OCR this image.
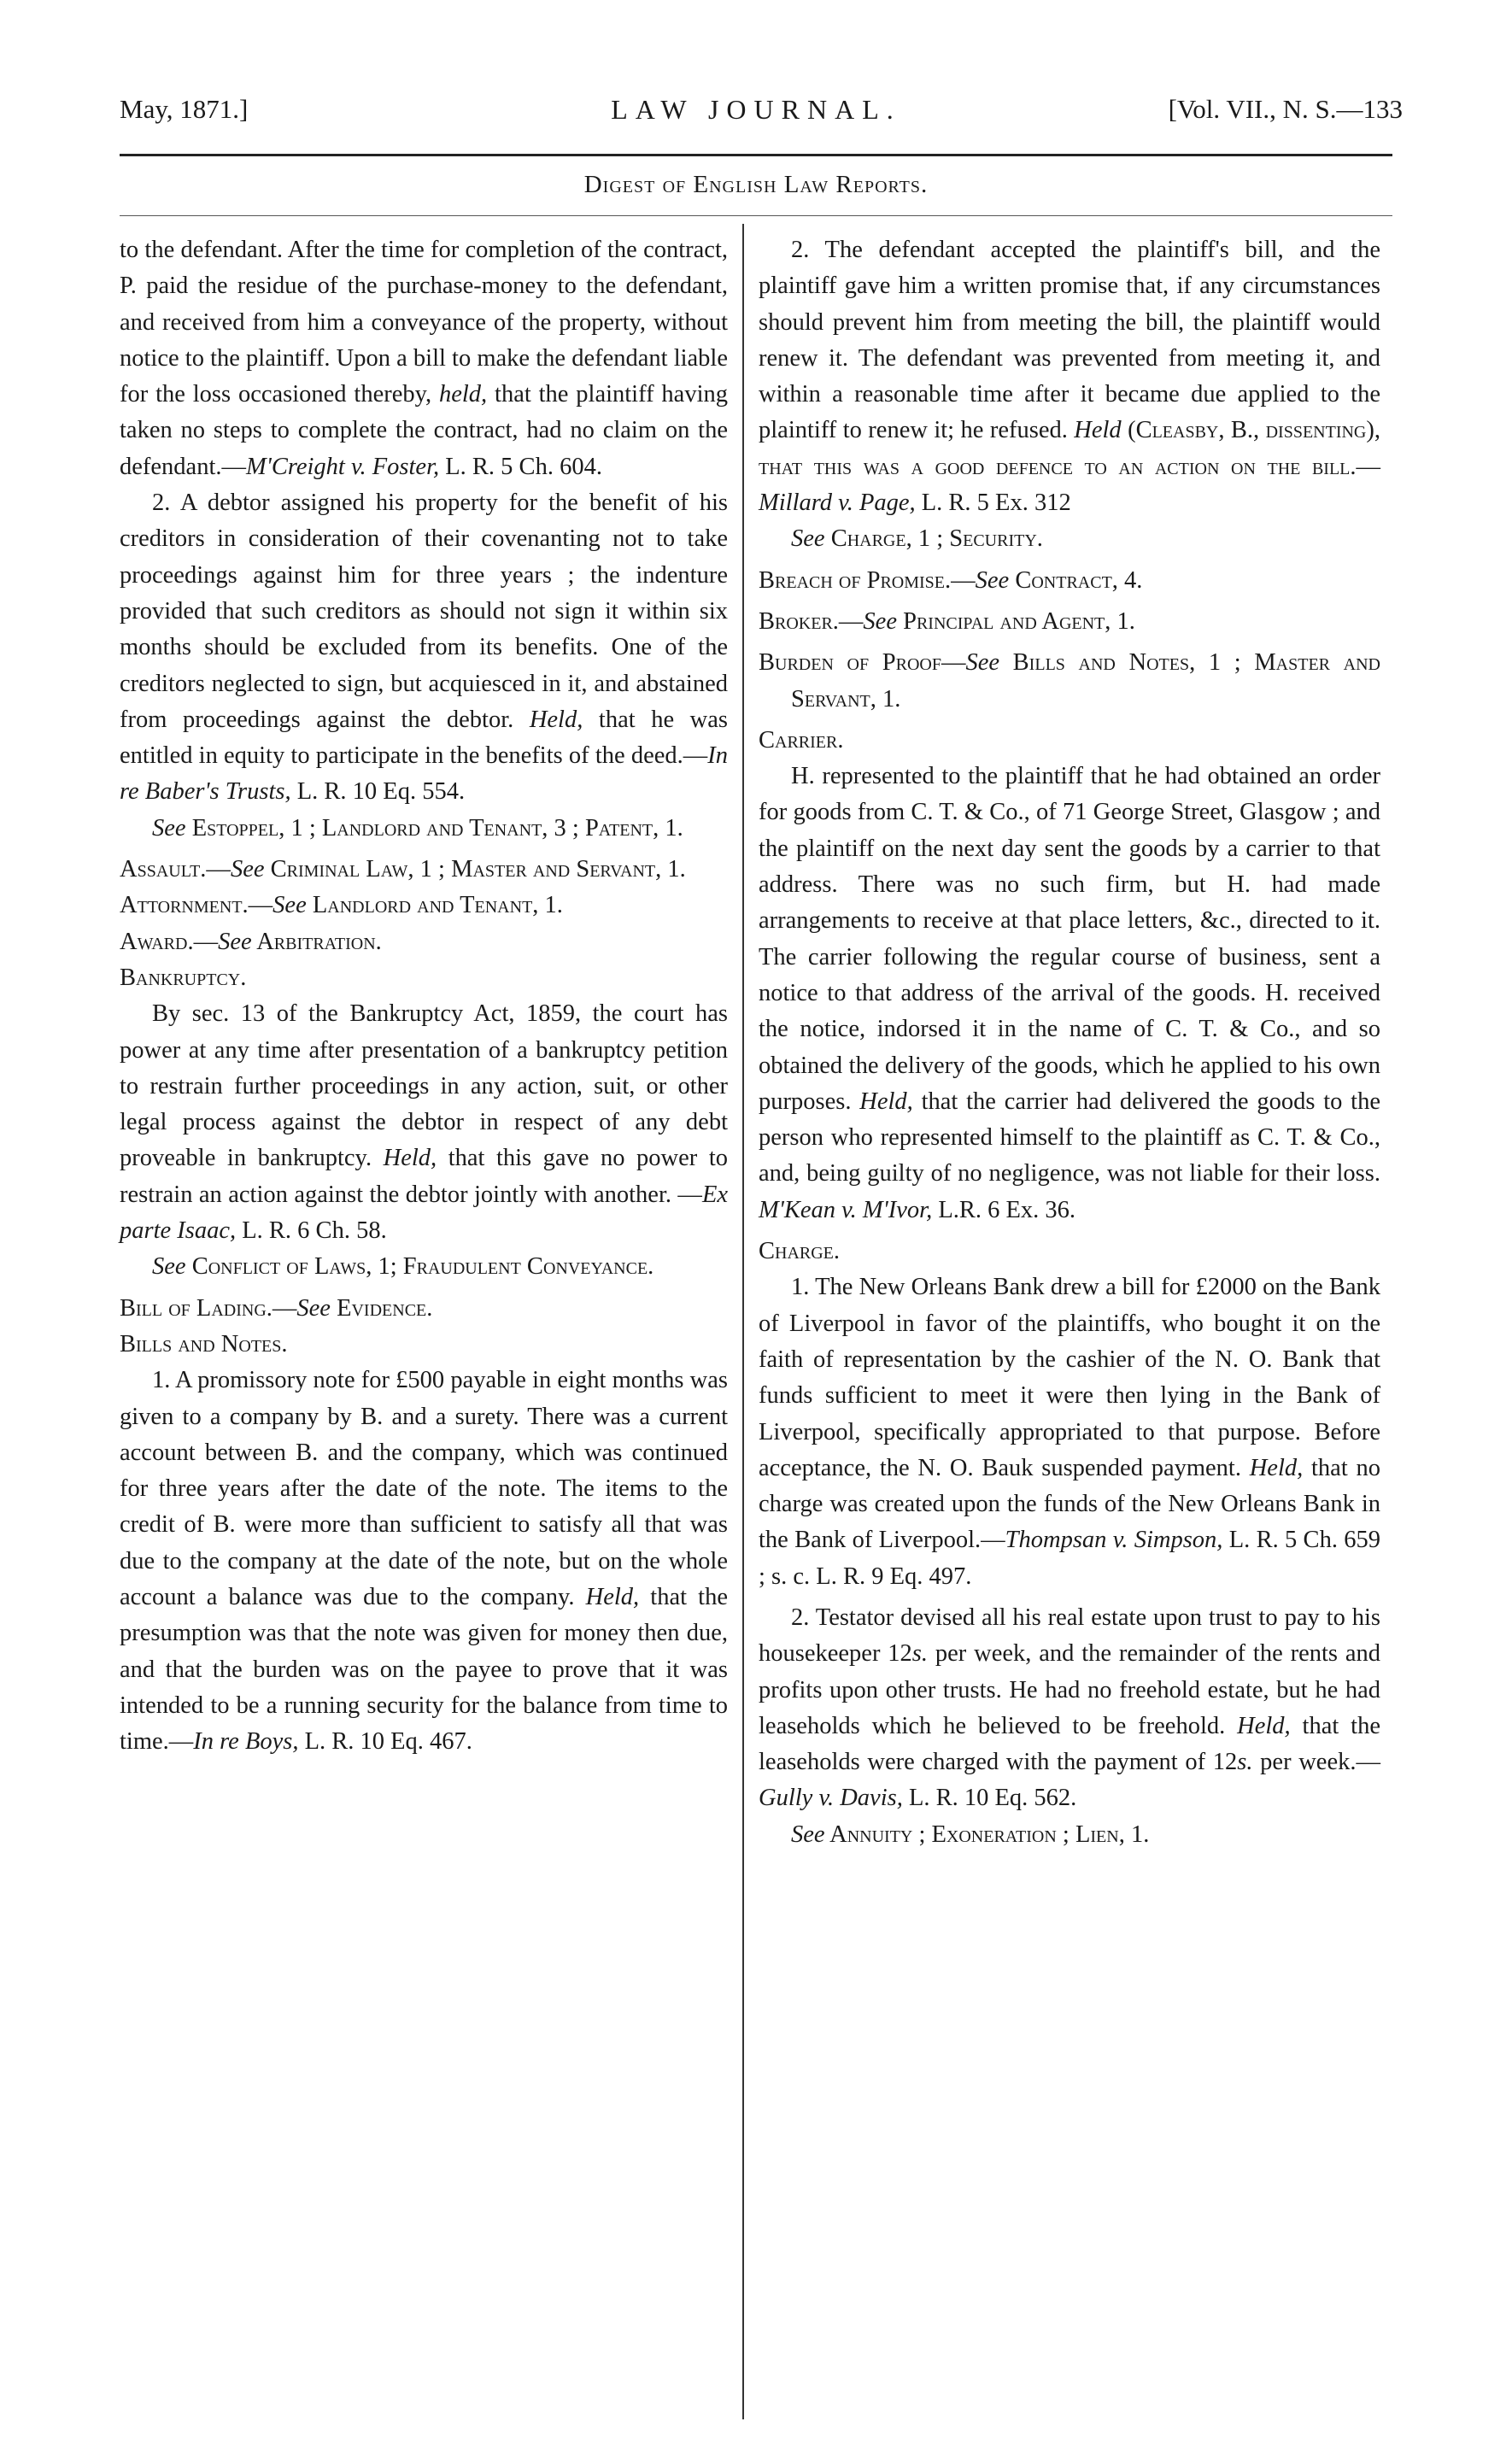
May, 1871.]	LAW JOURNAL.	[Vol. VII., N. S.—133
Digest of English Law Reports.

to the defendant. After the time for completion of the contract, P. paid the residue of the purchase-money to the defendant, and received from him a conveyance of the property, without notice to the plaintiff. Upon a bill to make the defendant liable for the loss occasioned thereby, held, that the plaintiff having taken no steps to complete the contract, had no claim on the defendant.—M'Creight v. Foster, L. R. 5 Ch. 604.

2. A debtor assigned his property for the benefit of his creditors in consideration of their covenanting not to take proceedings against him for three years ; the indenture provided that such creditors as should not sign it within six months should be excluded from its benefits. One of the creditors neglected to sign, but acquiesced in it, and abstained from proceedings against the debtor. Held, that he was entitled in equity to participate in the benefits of the deed.—In re Baber's Trusts, L. R. 10 Eq. 554.

See Estoppel, 1 ; Landlord and Tenant, 3 ; Patent, 1.

Assault.—See Criminal Law, 1 ; Master and Servant, 1.

Attornment.—See Landlord and Tenant, 1.

Award.—See Arbitration.

Bankruptcy.

By sec. 13 of the Bankruptcy Act, 1859, the court has power at any time after presentation of a bankruptcy petition to restrain further proceedings in any action, suit, or other legal process against the debtor in respect of any debt proveable in bankruptcy. Held, that this gave no power to restrain an action against the debtor jointly with another. —Ex parte Isaac, L. R. 6 Ch. 58.

See Conflict of Laws, 1; Fraudulent Conveyance.

Bill of Lading.—See Evidence.

Bills and Notes.

1. A promissory note for £500 payable in eight months was given to a company by B. and a surety. There was a current account between B. and the company, which was continued for three years after the date of the note. The items to the credit of B. were more than sufficient to satisfy all that was due to the company at the date of the note, but on the whole account a balance was due to the company. Held, that the presumption was that the note was given for money then due, and that the burden was on the payee to prove that it was intended to be a running security for the balance from time to time.—In re Boys, L. R. 10 Eq. 467.

2. The defendant accepted the plaintiff's bill, and the plaintiff gave him a written promise that, if any circumstances should prevent him from meeting the bill, the plaintiff would renew it. The defendant was prevented from meeting it, and within a reasonable time after it became due applied to the plaintiff to renew it; he refused. Held (Cleasby, B., dissenting), that this was a good defence to an action on the bill.—Millard v. Page, L. R. 5 Ex. 312

See Charge, 1 ; Security.

Breach of Promise.—See Contract, 4.

Broker.—See Principal and Agent, 1.

Burden of Proof—See Bills and Notes, 1 ; Master and Servant, 1.

Carrier.

H. represented to the plaintiff that he had obtained an order for goods from C. T. & Co., of 71 George Street, Glasgow ; and the plaintiff on the next day sent the goods by a carrier to that address. There was no such firm, but H. had made arrangements to receive at that place letters, &c., directed to it. The carrier following the regular course of business, sent a notice to that address of the arrival of the goods. H. received the notice, indorsed it in the name of C. T. & Co., and so obtained the delivery of the goods, which he applied to his own purposes. Held, that the carrier had delivered the goods to the person who represented himself to the plaintiff as C. T. & Co., and, being guilty of no negligence, was not liable for their loss. M'Kean v. M'Ivor, L.R. 6 Ex. 36.

Charge.

1. The New Orleans Bank drew a bill for £2000 on the Bank of Liverpool in favor of the plaintiffs, who bought it on the faith of representation by the cashier of the N. O. Bank that funds sufficient to meet it were then lying in the Bank of Liverpool, specifically appropriated to that purpose. Before acceptance, the N. O. Bauk suspended payment. Held, that no charge was created upon the funds of the New Orleans Bank in the Bank of Liverpool.—Thompsan v. Simpson, L. R. 5 Ch. 659 ; s. c. L. R. 9 Eq. 497.

2. Testator devised all his real estate upon trust to pay to his housekeeper 12s. per week, and the remainder of the rents and profits upon other trusts. He had no freehold estate, but he had leaseholds which he believed to be freehold. Held, that the leaseholds were charged with the payment of 12s. per week.—Gully v. Davis, L. R. 10 Eq. 562.

See Annuity ; Exoneration ; Lien, 1.
